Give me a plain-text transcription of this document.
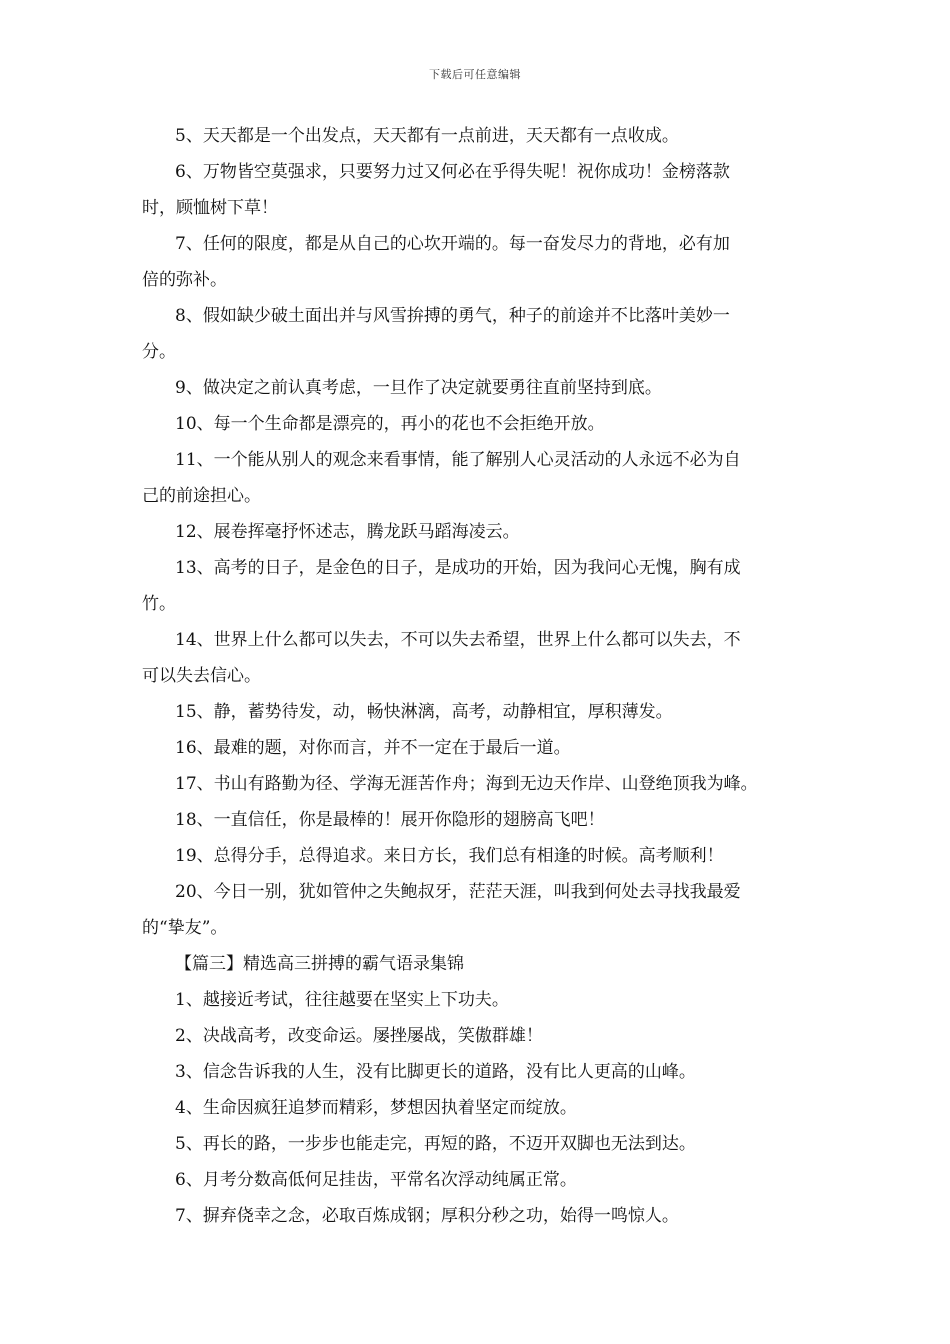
下载后可任意编辑
5、天天都是一个出发点，天天都有一点前进，天天都有一点收成。
6、万物皆空莫强求，只要努力过又何必在乎得失呢！祝你成功！金榜落款
时，顾恤树下草！
7、任何的限度，都是从自己的心坎开端的。每一奋发尽力的背地，必有加
倍的弥补。
8、假如缺少破土面出并与风雪拚搏的勇气，种子的前途并不比落叶美妙一
分。
9、做决定之前认真考虑，一旦作了决定就要勇往直前坚持到底。
10、每一个生命都是漂亮的，再小的花也不会拒绝开放。
11、一个能从别人的观念来看事情，能了解别人心灵活动的人永远不必为自
己的前途担心。
12、展卷挥毫抒怀述志，腾龙跃马蹈海凌云。
13、高考的日子，是金色的日子，是成功的开始，因为我问心无愧，胸有成
竹。
14、世界上什么都可以失去，不可以失去希望，世界上什么都可以失去，不
可以失去信心。
15、静，蓄势待发，动，畅快淋漓，高考，动静相宜，厚积薄发。
16、最难的题，对你而言，并不一定在于最后一道。
17、书山有路勤为径、学海无涯苦作舟；海到无边天作岸、山登绝顶我为峰。
18、一直信任，你是最棒的！展开你隐形的翅膀高飞吧！
19、总得分手，总得追求。来日方长，我们总有相逢的时候。高考顺利！
20、今日一别，犹如管仲之失鲍叔牙，茫茫天涯，叫我到何处去寻找我最爱
的“挚友”。
【篇三】精选高三拼搏的霸气语录集锦
1、越接近考试，往往越要在坚实上下功夫。
2、决战高考，改变命运。屡挫屡战，笑傲群雄！
3、信念告诉我的人生，没有比脚更长的道路，没有比人更高的山峰。
4、生命因疯狂追梦而精彩，梦想因执着坚定而绽放。
5、再长的路，一步步也能走完，再短的路，不迈开双脚也无法到达。
6、月考分数高低何足挂齿，平常名次浮动纯属正常。
7、摒弃侥幸之念，必取百炼成钢；厚积分秒之功，始得一鸣惊人。
